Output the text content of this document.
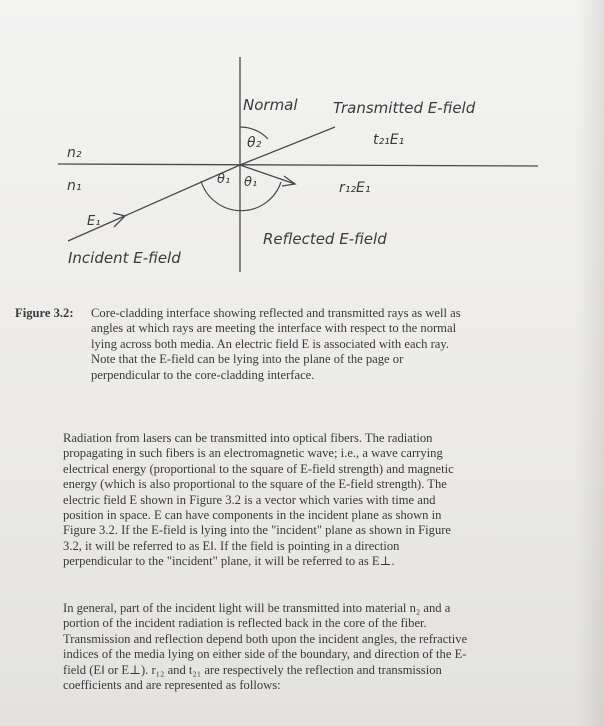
Normal Transmitted E-field
Reflected E-field
Incident E-field
n₂
n₁
θ₂
θ₁ θ₁
t₂₁E₁
r₁₂E₁
E₁
Figure 3.2: Core-cladding interface showing reflected and transmitted rays as well as
angles at which rays are meeting the interface with respect to the normal
lying across both media. An electric field E is associated with each ray.
Note that the E-field can be lying into the plane of the page or
perpendicular to the core-cladding interface.
Radiation from lasers can be transmitted into optical fibers. The radiation
propagating in such fibers is an electromagnetic wave; i.e., a wave carrying
electrical energy (proportional to the square of E-field strength) and magnetic
energy (which is also proportional to the square of the E-field strength). The
electric field E shown in Figure 3.2 is a vector which varies with time and
position in space. E can have components in the incident plane as shown in
Figure 3.2. If the E-field is lying into the "incident" plane as shown in Figure
3.2, it will be referred to as E‖. If the field is pointing in a direction
perpendicular to the "incident" plane, it will be referred to as E⊥.
In general, part of the incident light will be transmitted into material n₂ and a
portion of the incident radiation is reflected back in the core of the fiber.
Transmission and reflection depend both upon the incident angles, the refractive
indices of the media lying on either side of the boundary, and direction of the E-
field (E‖ or E⊥). r₁₂ and t₂₁ are respectively the reflection and transmission
coefficients and are represented as follows:
